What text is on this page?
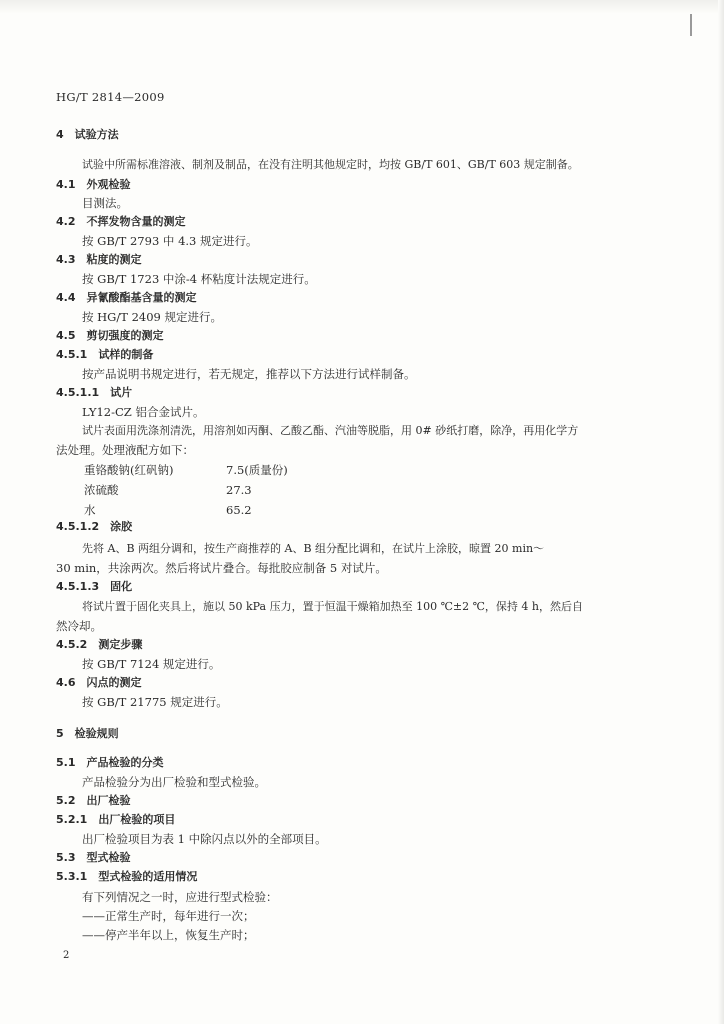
HG/T 2814—2009
4　试验方法
试验中所需标准溶液、制剂及制品，在没有注明其他规定时，均按 GB/T 601、GB/T 603 规定制备。
4.1　外观检验
目测法。
4.2　不挥发物含量的测定
按 GB/T 2793 中 4.3 规定进行。
4.3　粘度的测定
按 GB/T 1723 中涂-4 杯粘度计法规定进行。
4.4　异氰酸酯基含量的测定
按 HG/T 2409 规定进行。
4.5　剪切强度的测定
4.5.1　试样的制备
按产品说明书规定进行，若无规定，推荐以下方法进行试样制备。
4.5.1.1　试片
LY12-CZ 铝合金试片。
试片表面用洗涤剂清洗，用溶剂如丙酮、乙酸乙酯、汽油等脱脂，用 0# 砂纸打磨，除净，再用化学方
法处理。处理液配方如下：
重铬酸钠(红矾钠)	7.5(质量份)
浓硫酸	27.3
水	65.2
4.5.1.2　涂胶
先将 A、B 两组分调和，按生产商推荐的 A、B 组分配比调和，在试片上涂胶，晾置 20 min～
30 min，共涂两次。然后将试片叠合。每批胶应制备 5 对试片。
4.5.1.3　固化
将试片置于固化夹具上，施以 50 kPa 压力，置于恒温干燥箱加热至 100 ℃±2 ℃，保持 4 h，然后自
然冷却。
4.5.2　测定步骤
按 GB/T 7124 规定进行。
4.6　闪点的测定
按 GB/T 21775 规定进行。
5　检验规则
5.1　产品检验的分类
产品检验分为出厂检验和型式检验。
5.2　出厂检验
5.2.1　出厂检验的项目
出厂检验项目为表 1 中除闪点以外的全部项目。
5.3　型式检验
5.3.1　型式检验的适用情况
有下列情况之一时，应进行型式检验：
——正常生产时，每年进行一次；
——停产半年以上，恢复生产时；
2
